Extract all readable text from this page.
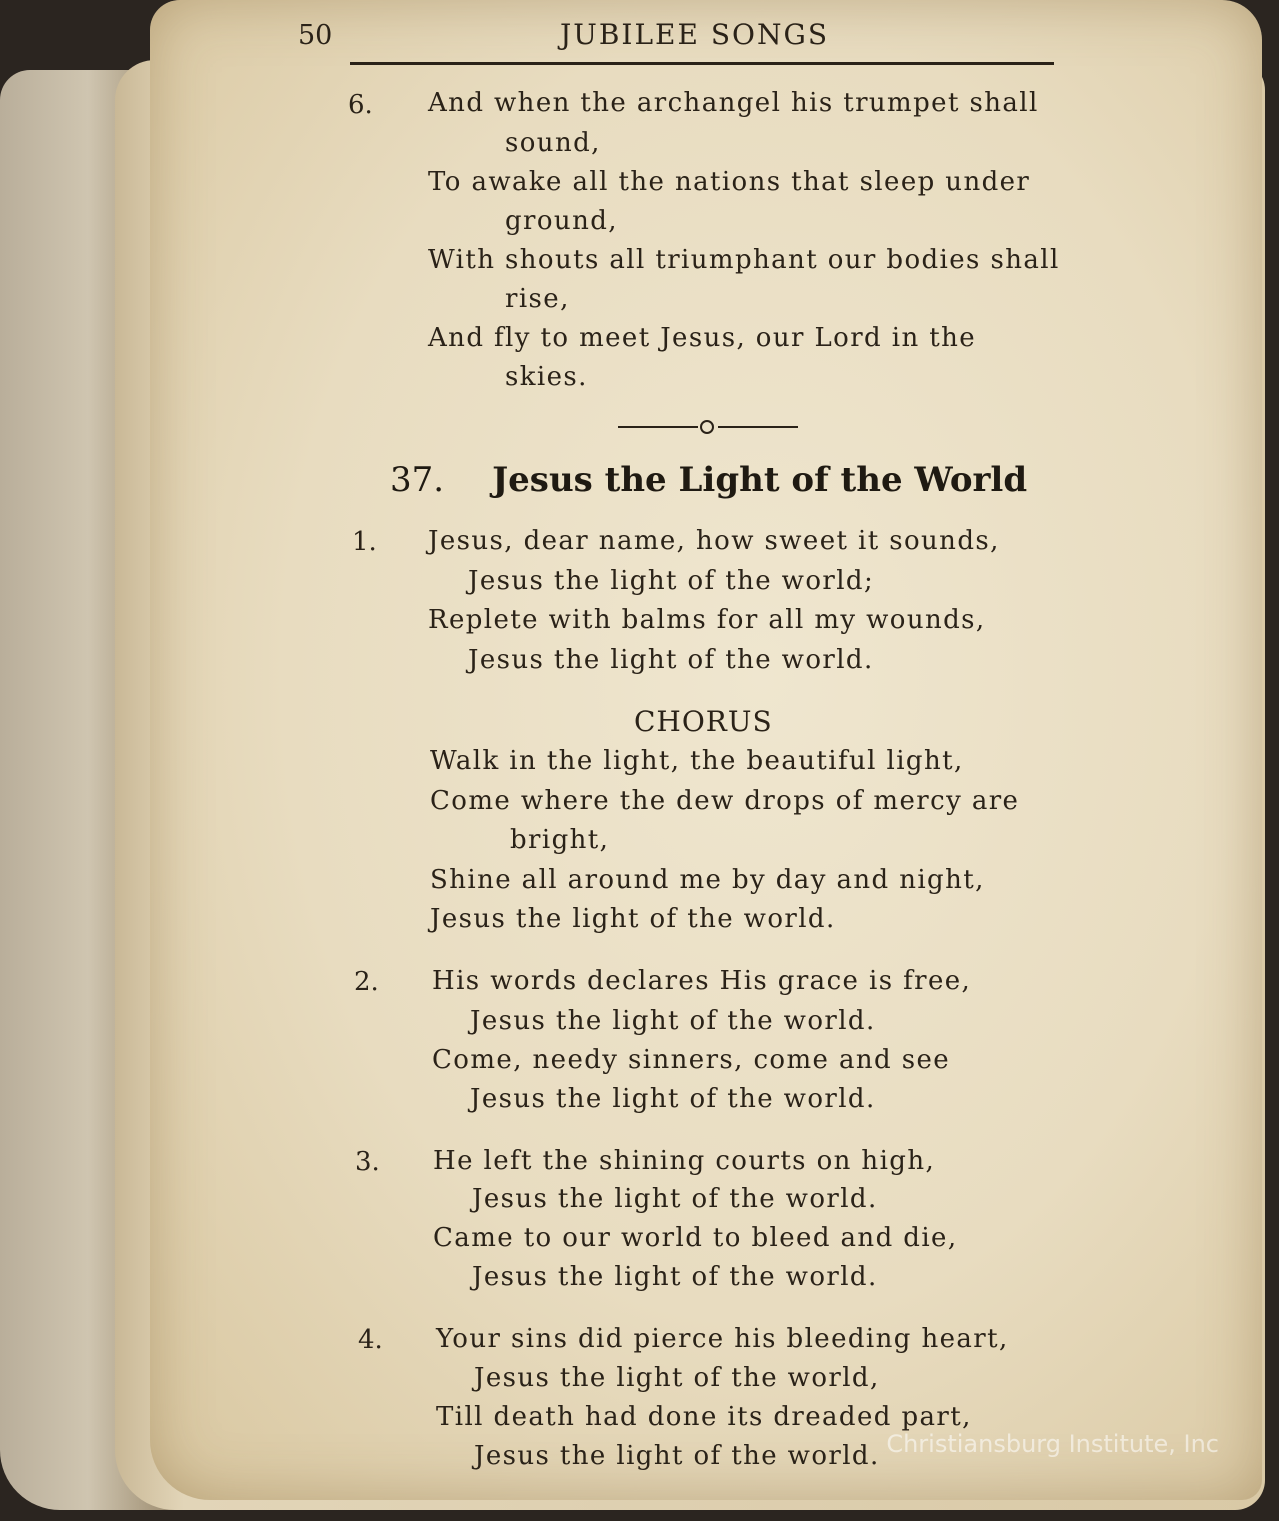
50	JUBILEE SONGS
6. And when the archangel his trumpet shall
sound,
To awake all the nations that sleep under
ground,
With shouts all triumphant our bodies shall
rise,
And fly to meet Jesus, our Lord in the
skies.
37. Jesus the Light of the World
1. Jesus, dear name, how sweet it sounds,
Jesus the light of the world;
Replete with balms for all my wounds,
Jesus the light of the world.
CHORUS
Walk in the light, the beautiful light,
Come where the dew drops of mercy are
bright,
Shine all around me by day and night,
Jesus the light of the world.
2. His words declares His grace is free,
Jesus the light of the world.
Come, needy sinners, come and see
Jesus the light of the world.
3. He left the shining courts on high,
Jesus the light of the world.
Came to our world to bleed and die,
Jesus the light of the world.
4. Your sins did pierce his bleeding heart,
Jesus the light of the world,
Till death had done its dreaded part,
Jesus the light of the world. Christiansburg Institute, Inc
